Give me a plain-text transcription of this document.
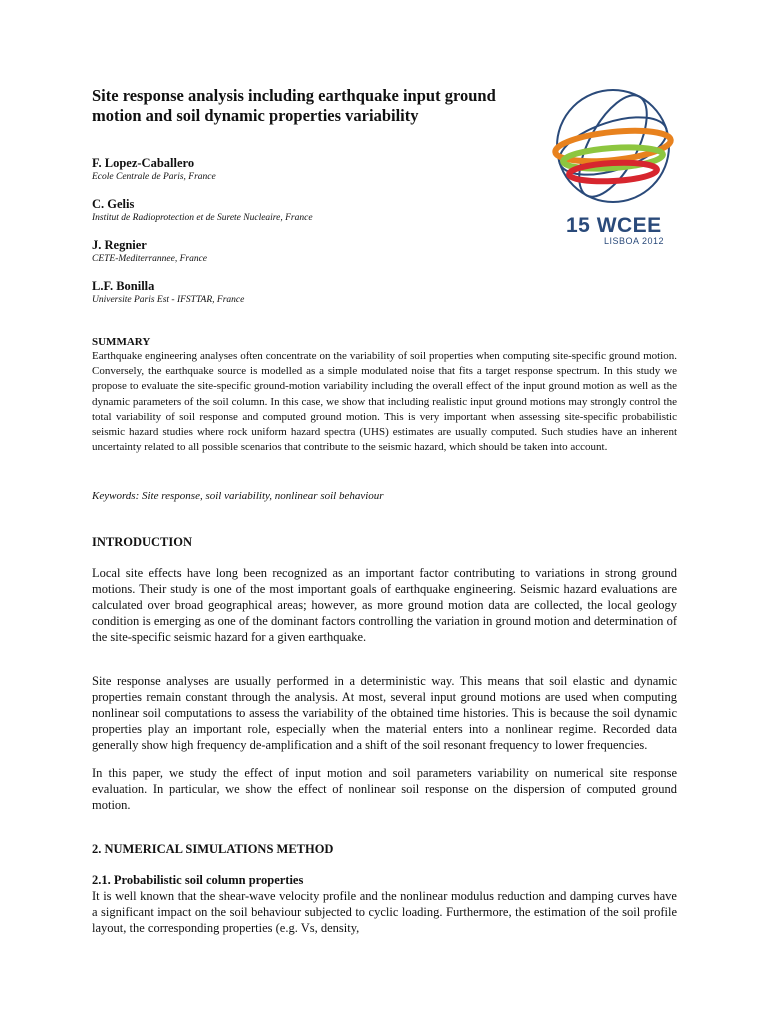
Site response analysis including earthquake input ground motion and soil dynamic properties variability
F. Lopez-Caballero
Ecole Centrale de Paris, France
C. Gelis
Institut de Radioprotection et de Surete Nucleaire, France
J. Regnier
CETE-Mediterrannee, France
L.F. Bonilla
Universite Paris Est - IFSTTAR, France
15 WCEE
LISBOA 2012
SUMMARY
Earthquake engineering analyses often concentrate on the variability of soil properties when computing site-specific ground motion. Conversely, the earthquake source is modelled as a simple modulated noise that fits a target response spectrum. In this study we propose to evaluate the site-specific ground-motion variability including the overall effect of the input ground motion as well as the dynamic parameters of the soil column. In this case, we show that including realistic input ground motions may strongly control the total variability of soil response and computed ground motion. This is very important when assessing site-specific probabilistic seismic hazard studies where rock uniform hazard spectra (UHS) estimates are usually computed. Such studies have an inherent uncertainty related to all possible scenarios that contribute to the seismic hazard, which should be taken into account.
Keywords: Site response, soil variability, nonlinear soil behaviour
INTRODUCTION
Local site effects have long been recognized as an important factor contributing to variations in strong ground motions. Their study is one of the most important goals of earthquake engineering. Seismic hazard evaluations are calculated over broad geographical areas; however, as more ground motion data are collected, the local geology condition is emerging as one of the dominant factors controlling the variation in ground motion and determination of the site-specific seismic hazard for a given earthquake.
Site response analyses are usually performed in a deterministic way. This means that soil elastic and dynamic properties remain constant through the analysis. At most, several input ground motions are used when computing nonlinear soil computations to assess the variability of the obtained time histories. This is because the soil dynamic properties play an important role, especially when the material enters into a nonlinear regime. Recorded data generally show high frequency de-amplification and a shift of the soil resonant frequency to lower frequencies.
In this paper, we study the effect of input motion and soil parameters variability on numerical site response evaluation. In particular, we show the effect of nonlinear soil response on the dispersion of computed ground motion.
2. NUMERICAL SIMULATIONS METHOD
2.1. Probabilistic soil column properties
It is well known that the shear-wave velocity profile and the nonlinear modulus reduction and damping curves have a significant impact on the soil behaviour subjected to cyclic loading. Furthermore, the estimation of the soil profile layout, the corresponding properties (e.g. Vs, density,
